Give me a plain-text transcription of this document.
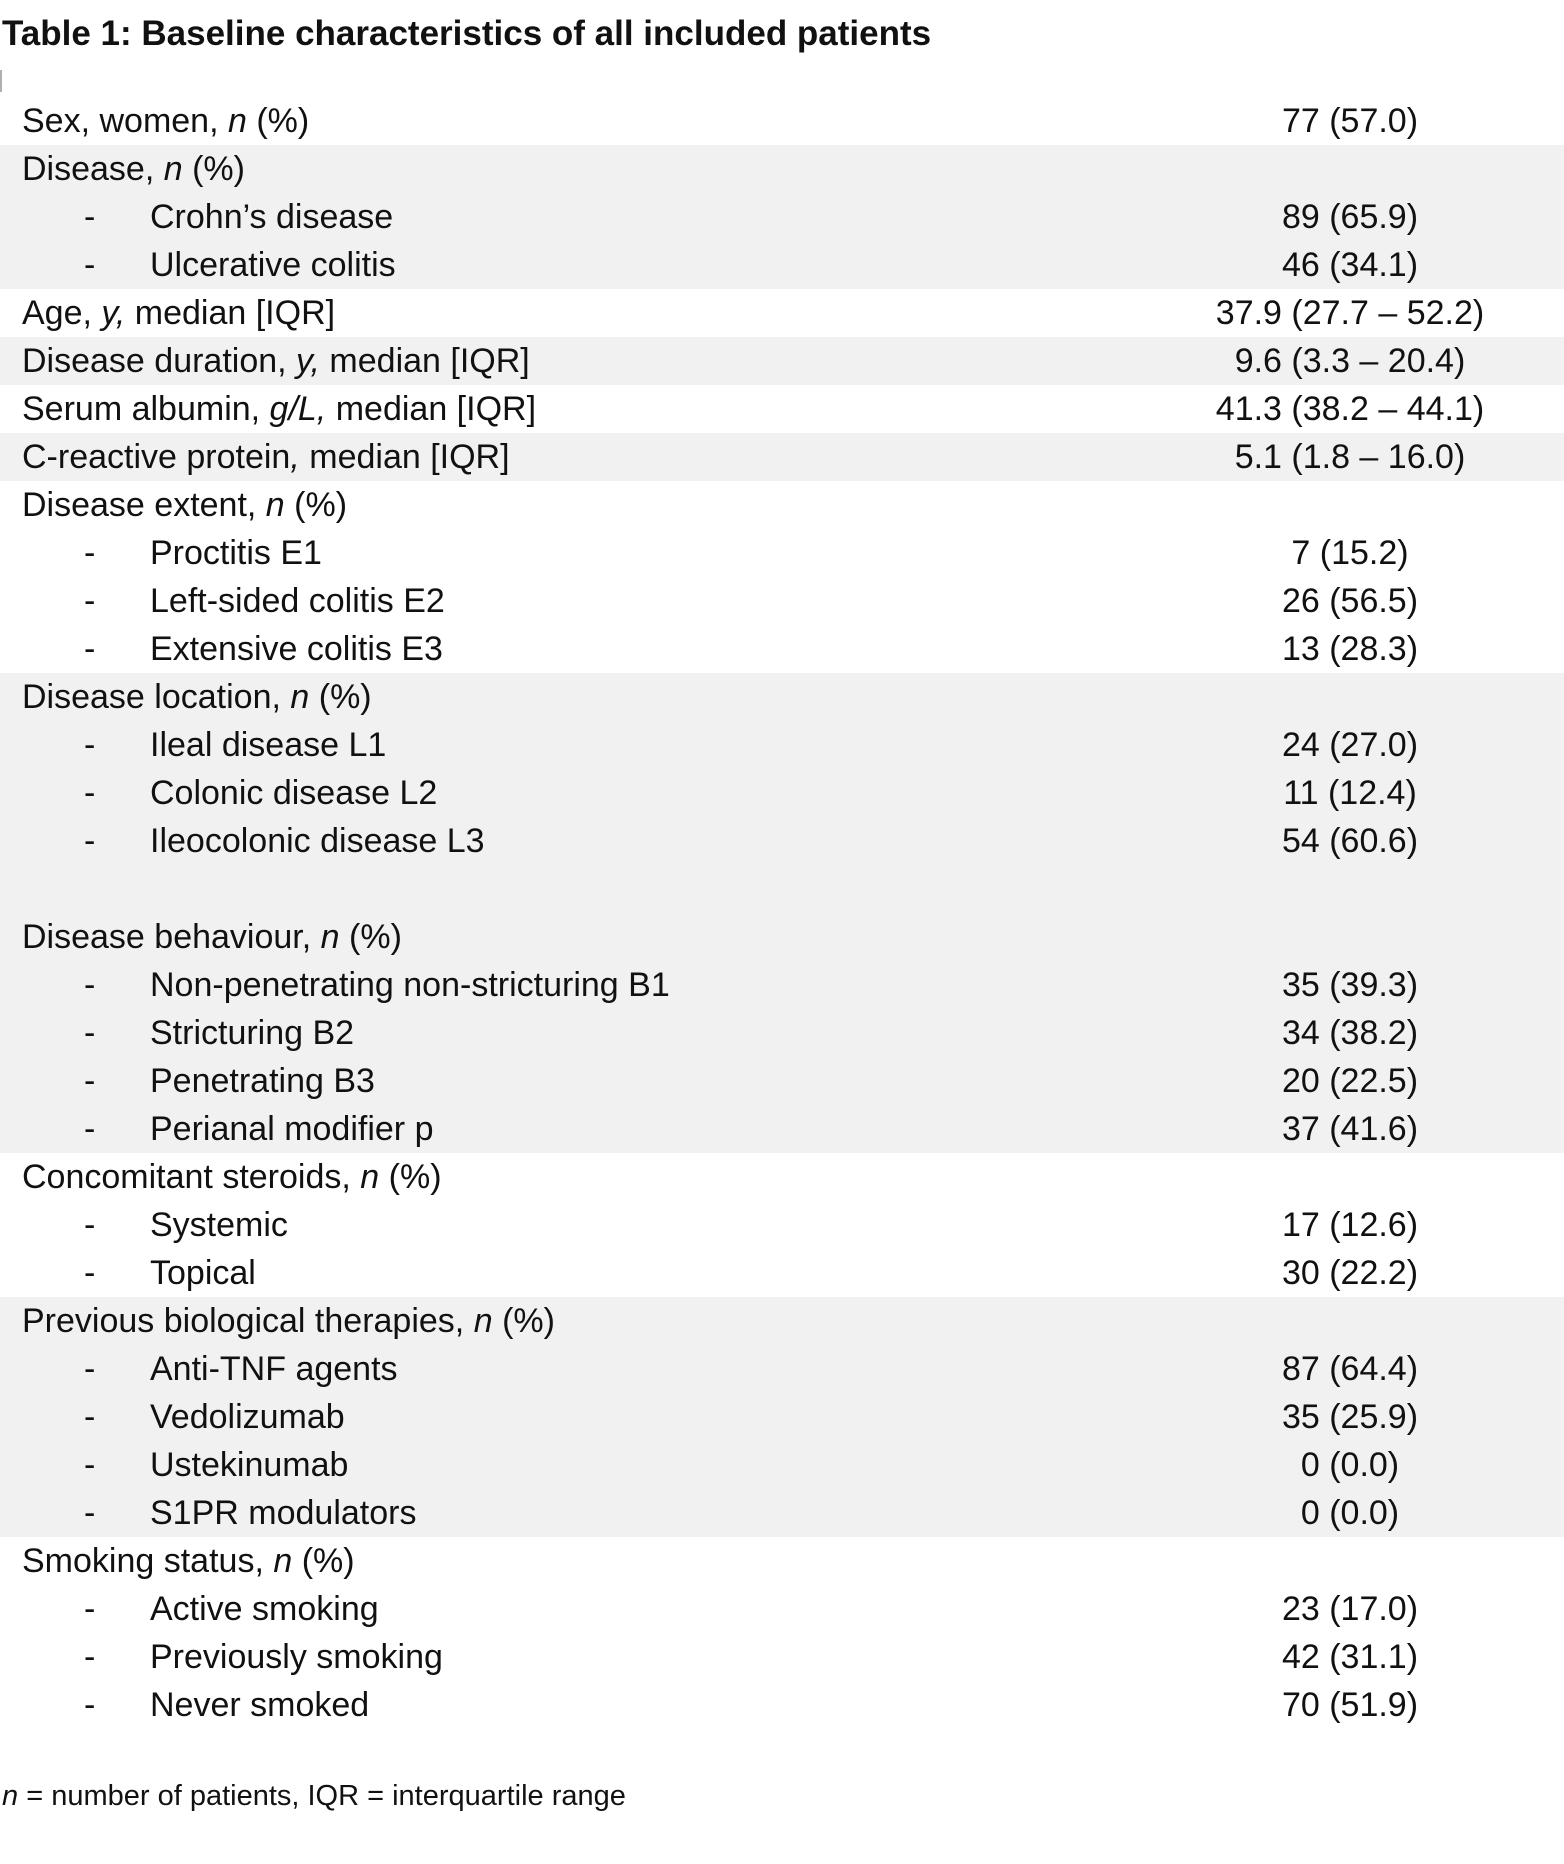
Table 1: Baseline characteristics of all included patients
Sex, women, n (%)	77 (57.0)
Disease, n (%)
- Crohn’s disease	89 (65.9)
- Ulcerative colitis	46 (34.1)
Age, y, median [IQR]	37.9 (27.7 – 52.2)
Disease duration, y, median [IQR]	9.6 (3.3 – 20.4)
Serum albumin, g/L, median [IQR]	41.3 (38.2 – 44.1)
C-reactive protein, median [IQR]	5.1 (1.8 – 16.0)
Disease extent, n (%)
- Proctitis E1	7 (15.2)
- Left-sided colitis E2	26 (56.5)
- Extensive colitis E3	13 (28.3)
Disease location, n (%)
- Ileal disease L1	24 (27.0)
- Colonic disease L2	11 (12.4)
- Ileocolonic disease L3	54 (60.6)
Disease behaviour, n (%)
- Non-penetrating non-stricturing B1	35 (39.3)
- Stricturing B2	34 (38.2)
- Penetrating B3	20 (22.5)
- Perianal modifier p	37 (41.6)
Concomitant steroids, n (%)
- Systemic	17 (12.6)
- Topical	30 (22.2)
Previous biological therapies, n (%)
- Anti-TNF agents	87 (64.4)
- Vedolizumab	35 (25.9)
- Ustekinumab	0 (0.0)
- S1PR modulators	0 (0.0)
Smoking status, n (%)
- Active smoking	23 (17.0)
- Previously smoking	42 (31.1)
- Never smoked	70 (51.9)
n = number of patients, IQR = interquartile range
